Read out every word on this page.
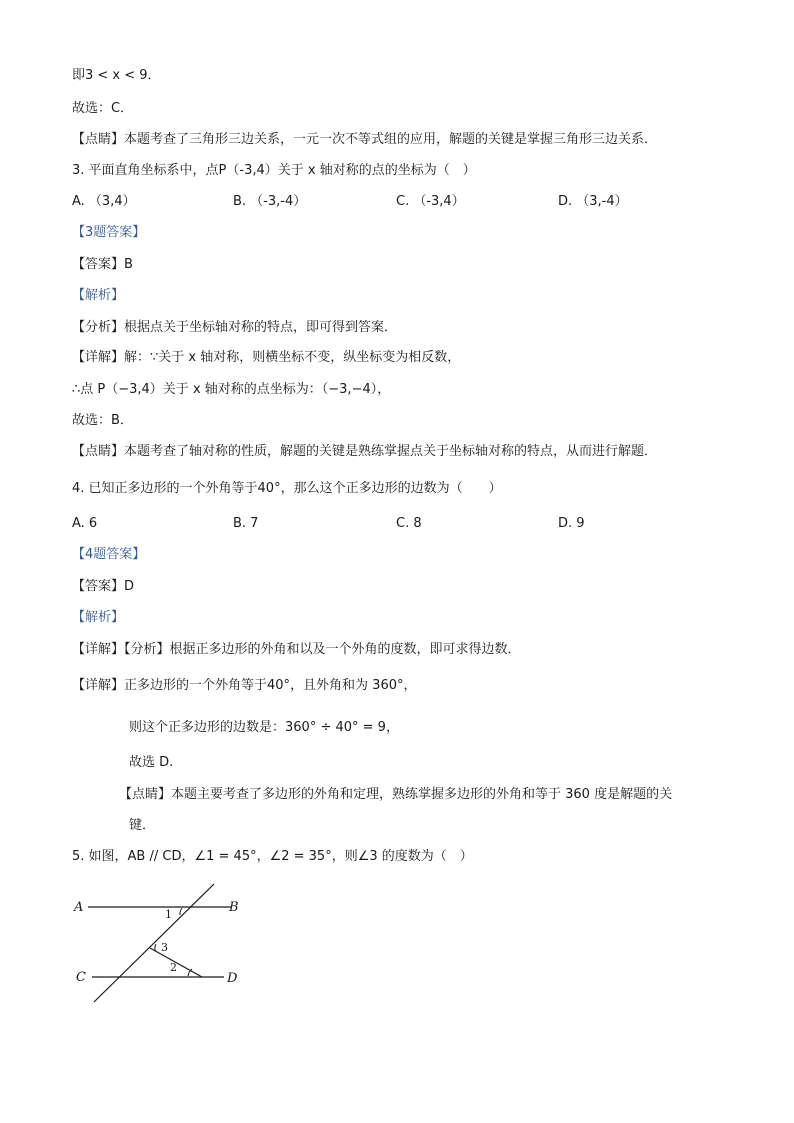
即3 < x < 9．
故选：C．
【点睛】本题考查了三角形三边关系，一元一次不等式组的应用，解题的关键是掌握三角形三边关系．
3. 平面直角坐标系中，点P（-3,4）关于 x 轴对称的点的坐标为（　）
A. （3,4）	B. （-3,-4）	C. （-3,4）	D. （3,-4）
【3题答案】
【答案】B
【解析】
【分析】根据点关于坐标轴对称的特点，即可得到答案．
【详解】解：∵关于 x 轴对称，则横坐标不变，纵坐标变为相反数，
∴点 P（−3,4）关于 x 轴对称的点坐标为：（−3,−4），
故选：B．
【点睛】本题考查了轴对称的性质，解题的关键是熟练掌握点关于坐标轴对称的特点，从而进行解题．
4. 已知正多边形的一个外角等于40°，那么这个正多边形的边数为（　　）
A. 6	B. 7	C. 8	D. 9
【4题答案】
【答案】D
【解析】
【详解】【分析】根据正多边形的外角和以及一个外角的度数，即可求得边数．
【详解】正多边形的一个外角等于40°，且外角和为 360°，
则这个正多边形的边数是：360° ÷ 40° = 9，
故选 D.
【点睛】本题主要考查了多边形的外角和定理，熟练掌握多边形的外角和等于 360 度是解题的关
键．
5. 如图，AB // CD，∠1 = 45°，∠2 = 35°，则∠3 的度数为（　）
A	B
C	D
1
3
2
